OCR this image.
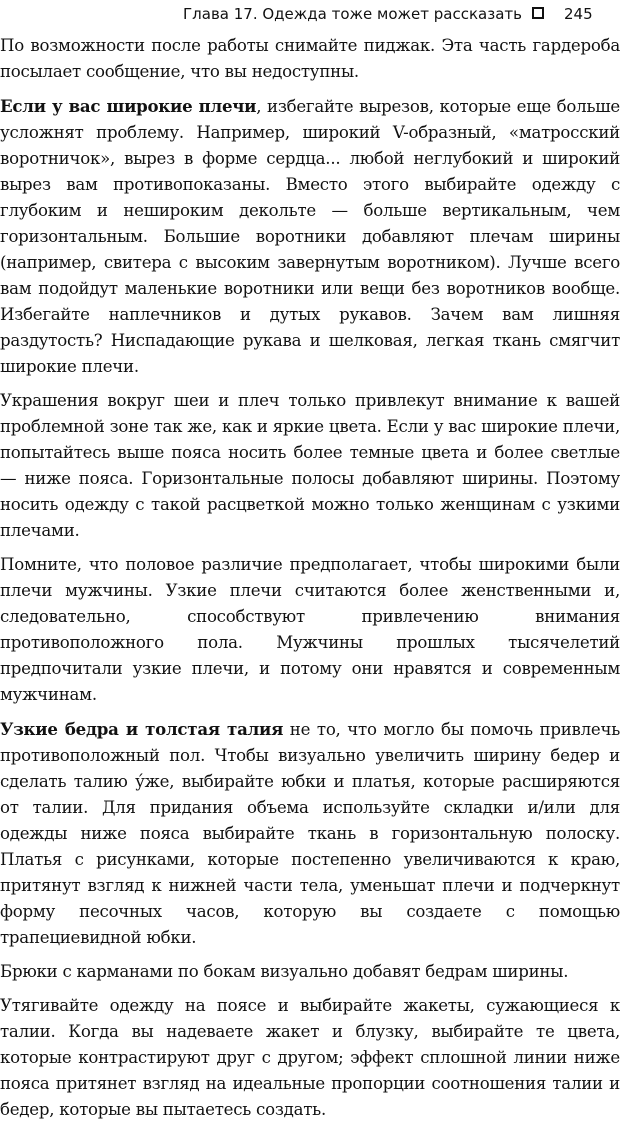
Глава 17. Одежда тоже может рассказать	245

По возможности после работы снимайте пиджак. Эта часть гардероба посылает сообщение, что вы недоступны.

Если у вас широкие плечи, избегайте вырезов, которые еще больше усложнят проблему. Например, широкий V-образный, «матросский воротничок», вырез в форме сердца... любой неглубокий и широкий вырез вам противопоказаны. Вместо этого выбирайте одежду с глубоким и нешироким декольте — больше вертикальным, чем горизонтальным. Большие воротники добавляют плечам ширины (например, свитера с высоким завернутым воротником). Лучше всего вам подойдут маленькие воротники или вещи без воротников вообще. Избегайте наплечников и дутых рукавов. Зачем вам лишняя раздутость? Ниспадающие рукава и шелковая, легкая ткань смягчит широкие плечи.

Украшения вокруг шеи и плеч только привлекут внимание к вашей проблемной зоне так же, как и яркие цвета. Если у вас широкие плечи, попытайтесь выше пояса носить более темные цвета и более светлые — ниже пояса. Горизонтальные полосы добавляют ширины. Поэтому носить одежду с такой расцветкой можно только женщинам с узкими плечами.

Помните, что половое различие предполагает, чтобы широкими были плечи мужчины. Узкие плечи считаются более женственными и, следовательно, способствуют привлечению внимания противоположного пола. Мужчины прошлых тысячелетий предпочитали узкие плечи, и потому они нравятся и современным мужчинам.

Узкие бедра и толстая талия не то, что могло бы помочь привлечь противоположный пол. Чтобы визуально увеличить ширину бедер и сделать талию у́же, выбирайте юбки и платья, которые расширяются от талии. Для придания объема используйте складки и/или для одежды ниже пояса выбирайте ткань в горизонтальную полоску. Платья с рисунками, которые постепенно увеличиваются к краю, притянут взгляд к нижней части тела, уменьшат плечи и подчеркнут форму песочных часов, которую вы создаете с помощью трапециевидной юбки.

Брюки с карманами по бокам визуально добавят бедрам ширины.

Утягивайте одежду на поясе и выбирайте жакеты, сужающиеся к талии. Когда вы надеваете жакет и блузку, выбирайте те цвета, которые контрастируют друг с другом; эффект сплошной линии ниже пояса притянет взгляд на идеальные пропорции соотношения талии и бедер, которые вы пытаетесь создать.
